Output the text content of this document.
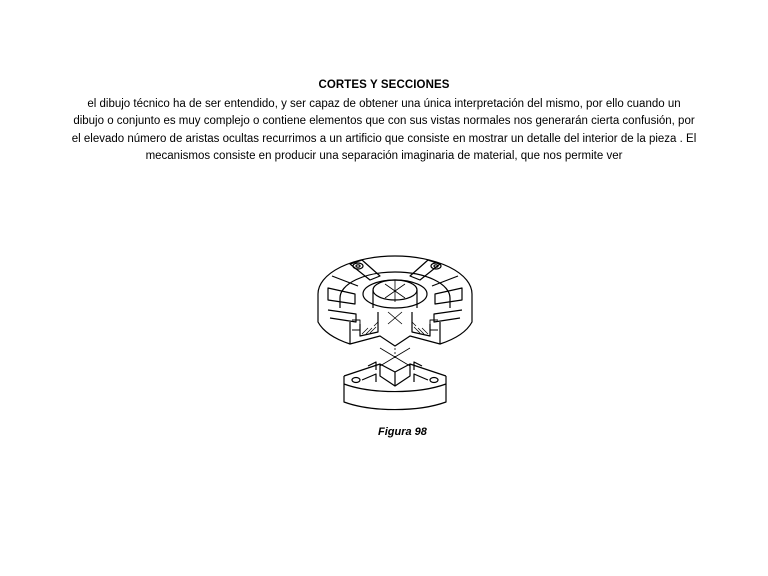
CORTES Y SECCIONES
el dibujo técnico ha de ser entendido, y ser capaz de obtener una única interpretación del mismo, por ello cuando un
dibujo o conjunto es muy complejo o contiene elementos que con sus vistas normales nos generarán cierta confusión, por
el elevado número de aristas ocultas recurrimos a un artificio que consiste en mostrar un detalle del interior de la pieza . El
mecanismos consiste en producir una separación imaginaria de material, que nos permite ver
Figura 98
